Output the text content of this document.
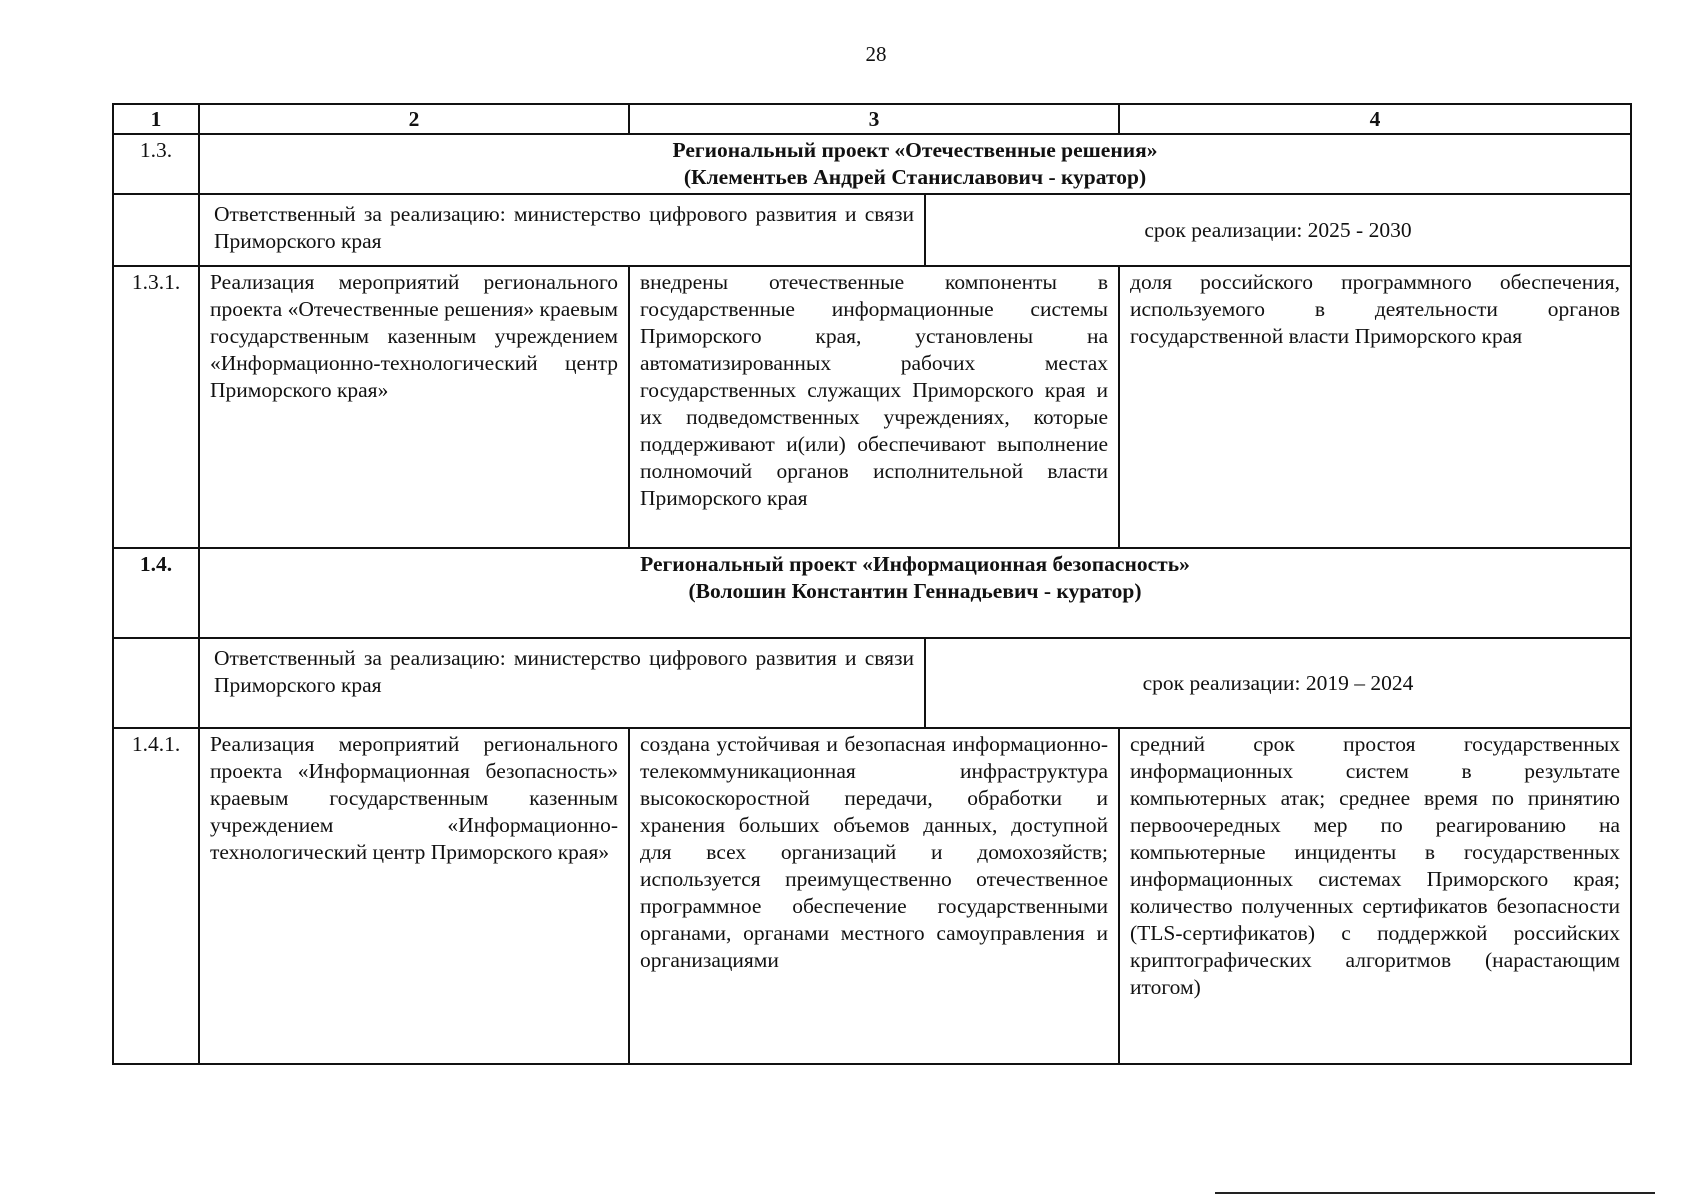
28
1	2	3	4
1.3.	Региональный проект «Отечественные решения»
(Клементьев Андрей Станиславович - куратор)

Ответственный за реализацию: министерство цифрового развития и связи Приморского края	срок реализации: 2025 - 2030

1.3.1.	Реализация мероприятий регионального проекта «Отечественные решения» краевым государственным казенным учреждением «Информационно-технологический центр Приморского края»	внедрены отечественные компоненты в государственные информационные системы Приморского края, установлены на автоматизированных рабочих местах государственных служащих Приморского края и их подведомственных учреждениях, которые поддерживают и(или) обеспечивают выполнение полномочий органов исполнительной власти Приморского края	доля российского программного обеспечения, используемого в деятельности органов государственной власти Приморского края
1.4.	Региональный проект «Информационная безопасность»
(Волошин Константин Геннадьевич - куратор)

Ответственный за реализацию: министерство цифрового развития и связи Приморского края	срок реализации: 2019 – 2024

1.4.1.	Реализация мероприятий регионального проекта «Информационная безопасность» краевым государственным казенным учреждением «Информационно-технологический центр Приморского края»	создана устойчивая и безопасная информационно-телекоммуникационная инфраструктура высокоскоростной передачи, обработки и хранения больших объемов данных, доступной для всех организаций и домохозяйств; используется преимущественно отечественное программное обеспечение государственными органами, органами местного самоуправления и организациями	средний срок простоя государственных информационных систем в результате компьютерных атак; среднее время по принятию первоочередных мер по реагированию на компьютерные инциденты в государственных информационных системах Приморского края; количество полученных сертификатов безопасности (TLS-сертификатов) с поддержкой российских криптографических алгоритмов (нарастающим итогом)
